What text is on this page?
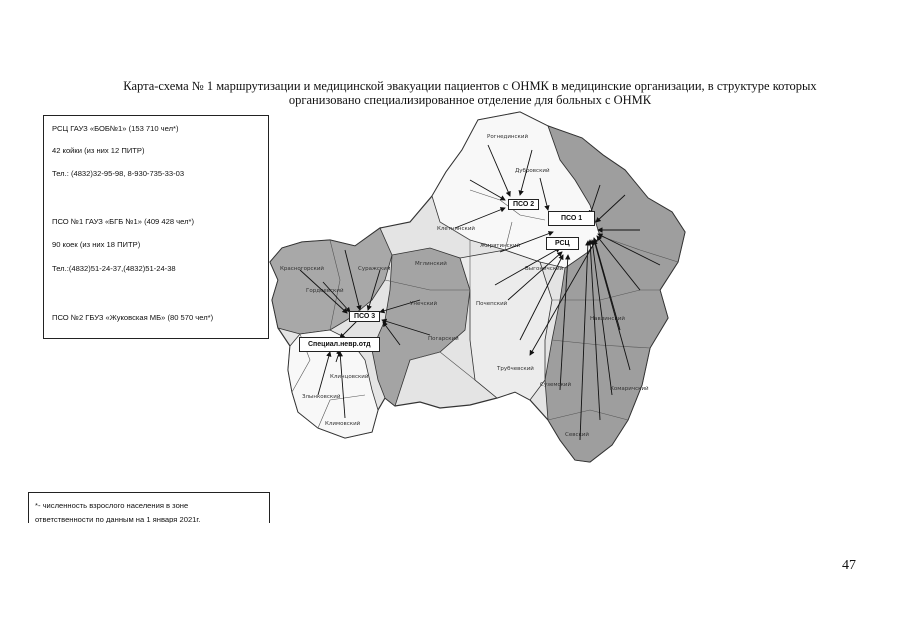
Карта-схема № 1 маршрутизации и медицинской эвакуации пациентов с ОНМК в медицинские организации, в структуре которых организовано специализированное отделение для больных с ОНМК

РСЦ ГАУЗ «БОБ№1» (153 710 чел*)

42 койки (из них 12 ПИТР)

Тел.: (4832)32-95-98, 8-930-735-33-03

ПСО №1 ГАУЗ «БГБ №1» (409 428 чел*)

90 коек (из них 18 ПИТР)

Тел.:(4832)51-24-37,(4832)51-24-38

ПСО №2 ГБУЗ «Жуковская МБ» (80 570 чел*)

Рогнединский
Дубровский
Клетнянский
Жирятинский
Почепский
Мглинский
Суражский
Унечский
Погарский
Трубчевский
Выгоничский
Навлинский
Суземский
Севский
Комаричский
Злынковский
Климовский
Красногорский
Гордеевский
Клинцовский
ПСО 2
ПСО 1
РСЦ
ПСО 3
Специал.невр.отд

*- численность взрослого населения в зоне

ответственности по данным на 1 января 2021г.

47
